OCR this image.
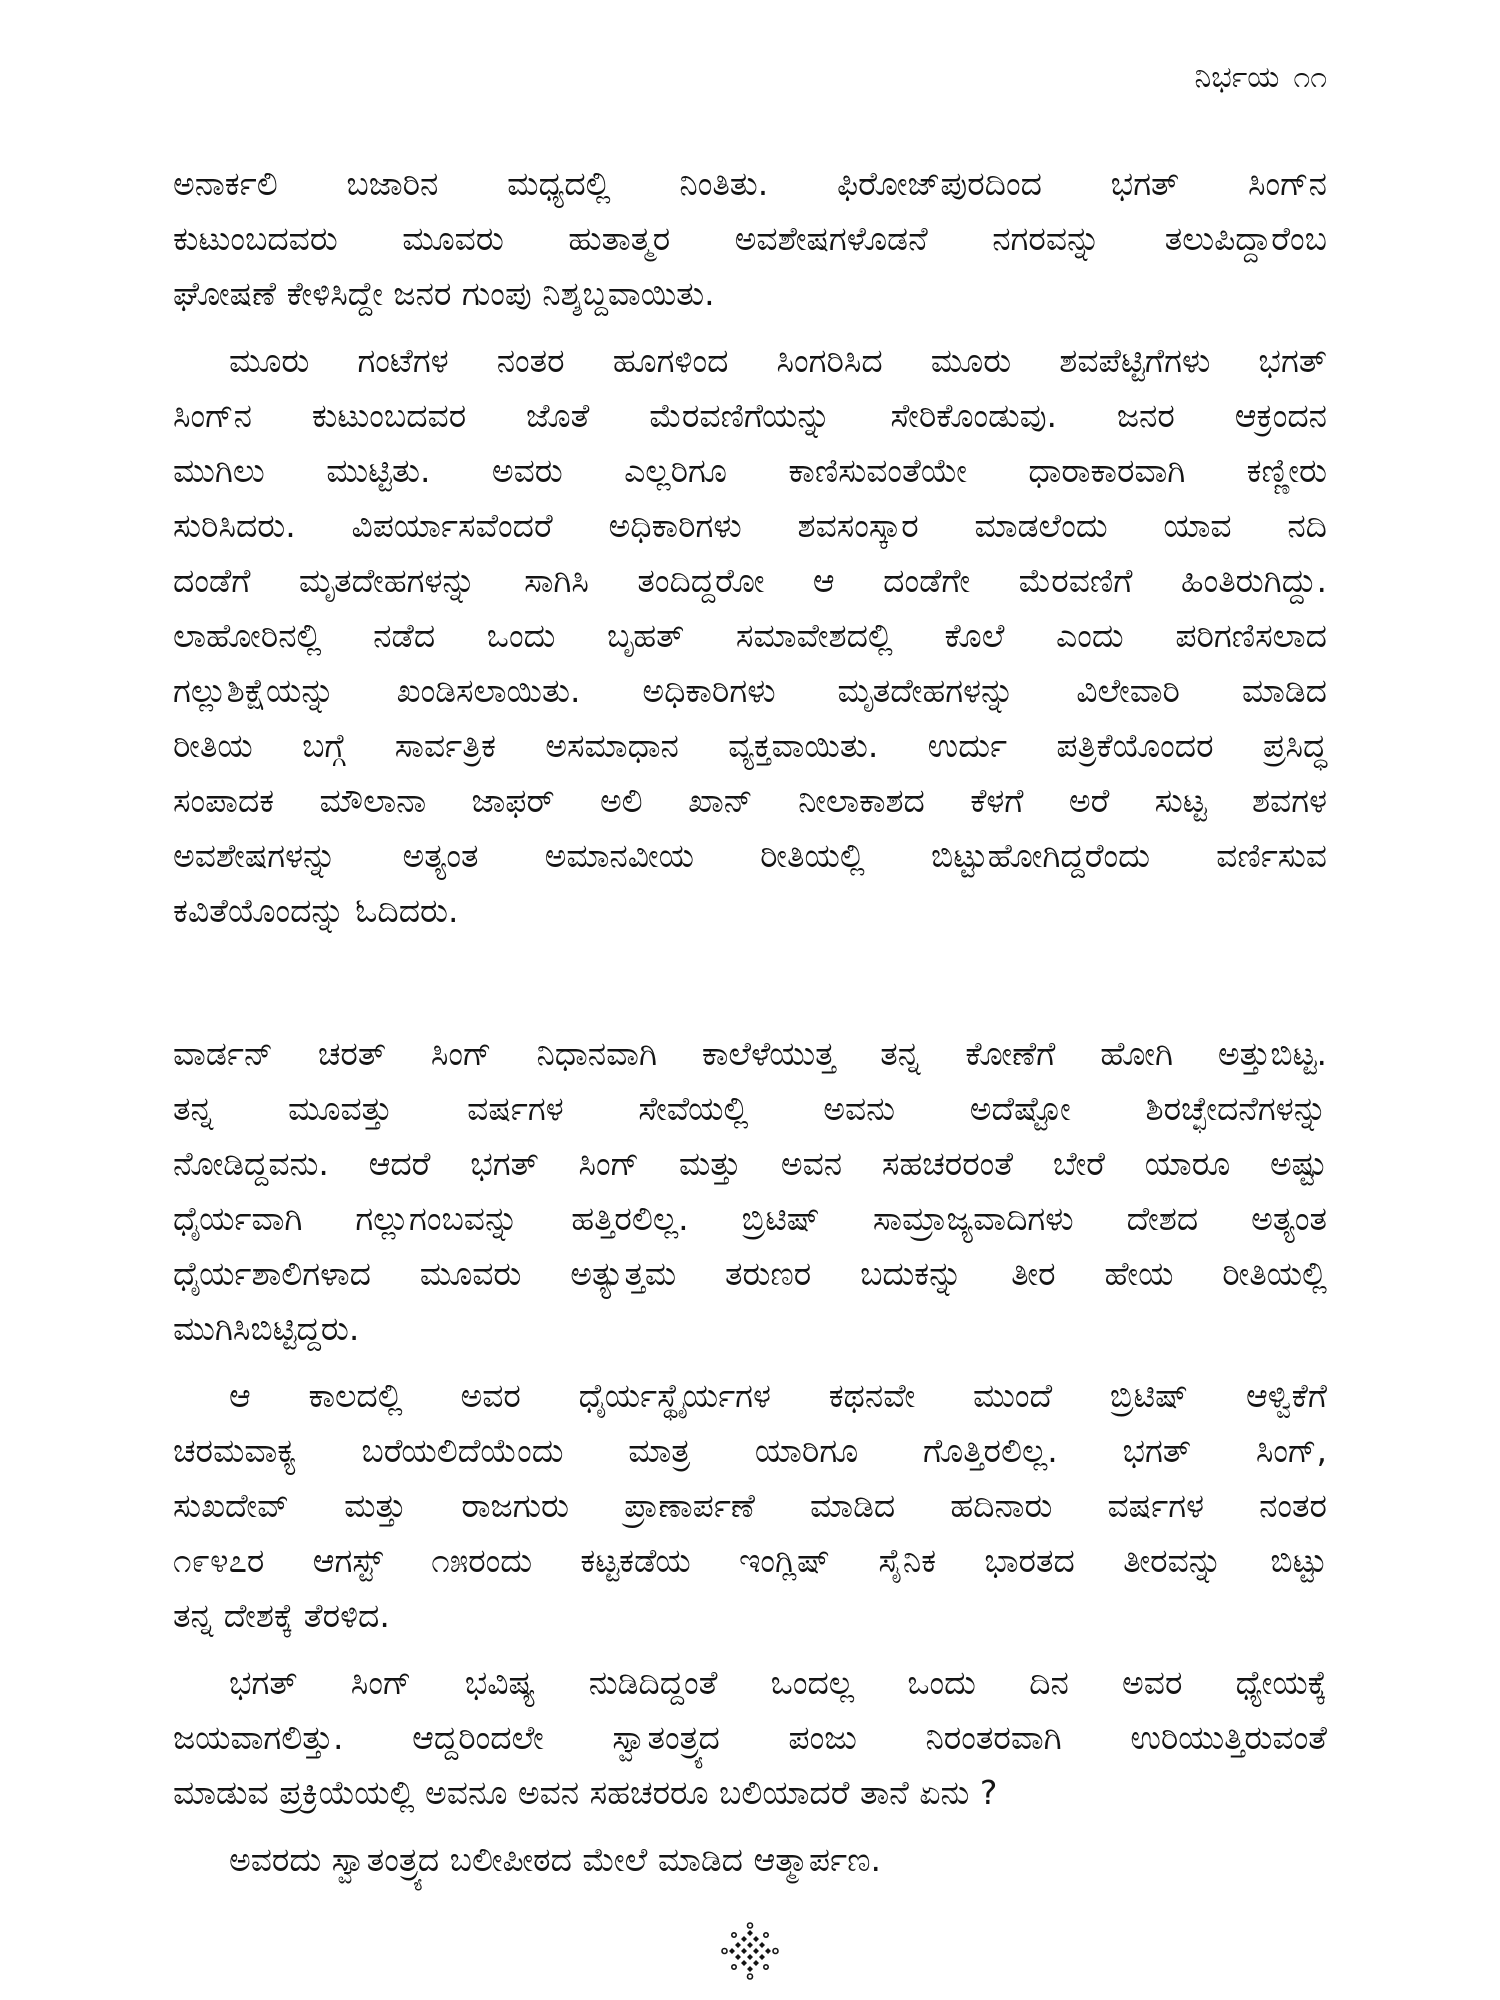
ನಿರ್ಭಯ ೧೧
ಅನಾರ್ಕಲಿ ಬಜಾರಿನ ಮಧ್ಯದಲ್ಲಿ ನಿಂತಿತು. ಫಿರೋಜ್‌ಪುರದಿಂದ ಭಗತ್ ಸಿಂಗ್‌ನ
ಕುಟುಂಬದವರು ಮೂವರು ಹುತಾತ್ಮರ ಅವಶೇಷಗಳೊಡನೆ ನಗರವನ್ನು ತಲುಪಿದ್ದಾರೆಂಬ
ಘೋಷಣೆ ಕೇಳಿಸಿದ್ದೇ ಜನರ ಗುಂಪು ನಿಶ್ಶಬ್ದವಾಯಿತು.
ಮೂರು ಗಂಟೆಗಳ ನಂತರ ಹೂಗಳಿಂದ ಸಿಂಗರಿಸಿದ ಮೂರು ಶವಪೆಟ್ಟಿಗೆಗಳು ಭಗತ್
ಸಿಂಗ್‌ನ ಕುಟುಂಬದವರ ಜೊತೆ ಮೆರವಣಿಗೆಯನ್ನು ಸೇರಿಕೊಂಡುವು. ಜನರ ಆಕ್ರಂದನ
ಮುಗಿಲು ಮುಟ್ಟಿತು. ಅವರು ಎಲ್ಲರಿಗೂ ಕಾಣಿಸುವಂತೆಯೇ ಧಾರಾಕಾರವಾಗಿ ಕಣ್ಣೀರು
ಸುರಿಸಿದರು. ವಿಪರ್ಯಾಸವೆಂದರೆ ಅಧಿಕಾರಿಗಳು ಶವಸಂಸ್ಕಾರ ಮಾಡಲೆಂದು ಯಾವ ನದಿ
ದಂಡೆಗೆ ಮೃತದೇಹಗಳನ್ನು ಸಾಗಿಸಿ ತಂದಿದ್ದರೋ ಆ ದಂಡೆಗೇ ಮೆರವಣಿಗೆ ಹಿಂತಿರುಗಿದ್ದು.
ಲಾಹೋರಿನಲ್ಲಿ ನಡೆದ ಒಂದು ಬೃಹತ್ ಸಮಾವೇಶದಲ್ಲಿ ಕೊಲೆ ಎಂದು ಪರಿಗಣಿಸಲಾದ
ಗಲ್ಲುಶಿಕ್ಷೆಯನ್ನು ಖಂಡಿಸಲಾಯಿತು. ಅಧಿಕಾರಿಗಳು ಮೃತದೇಹಗಳನ್ನು ವಿಲೇವಾರಿ ಮಾಡಿದ
ರೀತಿಯ ಬಗ್ಗೆ ಸಾರ್ವತ್ರಿಕ ಅಸಮಾಧಾನ ವ್ಯಕ್ತವಾಯಿತು. ಉರ್ದು ಪತ್ರಿಕೆಯೊಂದರ ಪ್ರಸಿದ್ಧ
ಸಂಪಾದಕ ಮೌಲಾನಾ ಜಾಫರ್ ಅಲಿ ಖಾನ್ ನೀಲಾಕಾಶದ ಕೆಳಗೆ ಅರೆ ಸುಟ್ಟ ಶವಗಳ
ಅವಶೇಷಗಳನ್ನು ಅತ್ಯಂತ ಅಮಾನವೀಯ ರೀತಿಯಲ್ಲಿ ಬಿಟ್ಟುಹೋಗಿದ್ದರೆಂದು ವರ್ಣಿಸುವ
ಕವಿತೆಯೊಂದನ್ನು ಓದಿದರು.
ವಾರ್ಡನ್ ಚರತ್ ಸಿಂಗ್ ನಿಧಾನವಾಗಿ ಕಾಲೆಳೆಯುತ್ತ ತನ್ನ ಕೋಣೆಗೆ ಹೋಗಿ ಅತ್ತುಬಿಟ್ಟ.
ತನ್ನ ಮೂವತ್ತು ವರ್ಷಗಳ ಸೇವೆಯಲ್ಲಿ ಅವನು ಅದೆಷ್ಟೋ ಶಿರಚ್ಛೇದನೆಗಳನ್ನು
ನೋಡಿದ್ದವನು. ಆದರೆ ಭಗತ್ ಸಿಂಗ್ ಮತ್ತು ಅವನ ಸಹಚರರಂತೆ ಬೇರೆ ಯಾರೂ ಅಷ್ಟು
ಧೈರ್ಯವಾಗಿ ಗಲ್ಲುಗಂಬವನ್ನು ಹತ್ತಿರಲಿಲ್ಲ. ಬ್ರಿಟಿಷ್ ಸಾಮ್ರಾಜ್ಯವಾದಿಗಳು ದೇಶದ ಅತ್ಯಂತ
ಧೈರ್ಯಶಾಲಿಗಳಾದ ಮೂವರು ಅತ್ಯುತ್ತಮ ತರುಣರ ಬದುಕನ್ನು ತೀರ ಹೇಯ ರೀತಿಯಲ್ಲಿ
ಮುಗಿಸಿಬಿಟ್ಟಿದ್ದರು.
ಆ ಕಾಲದಲ್ಲಿ ಅವರ ಧೈರ್ಯಸ್ಥೈರ್ಯಗಳ ಕಥನವೇ ಮುಂದೆ ಬ್ರಿಟಿಷ್ ಆಳ್ವಿಕೆಗೆ
ಚರಮವಾಕ್ಯ ಬರೆಯಲಿದೆಯೆಂದು ಮಾತ್ರ ಯಾರಿಗೂ ಗೊತ್ತಿರಲಿಲ್ಲ. ಭಗತ್ ಸಿಂಗ್,
ಸುಖದೇವ್ ಮತ್ತು ರಾಜಗುರು ಪ್ರಾಣಾರ್ಪಣೆ ಮಾಡಿದ ಹದಿನಾರು ವರ್ಷಗಳ ನಂತರ
೧೯೪೭ರ ಆಗಸ್ಟ್ ೧೫ರಂದು ಕಟ್ಟಕಡೆಯ ಇಂಗ್ಲಿಷ್ ಸೈನಿಕ ಭಾರತದ ತೀರವನ್ನು ಬಿಟ್ಟು
ತನ್ನ ದೇಶಕ್ಕೆ ತೆರಳಿದ.
ಭಗತ್ ಸಿಂಗ್ ಭವಿಷ್ಯ ನುಡಿದಿದ್ದಂತೆ ಒಂದಲ್ಲ ಒಂದು ದಿನ ಅವರ ಧ್ಯೇಯಕ್ಕೆ
ಜಯವಾಗಲಿತ್ತು. ಆದ್ದರಿಂದಲೇ ಸ್ವಾತಂತ್ರ್ಯದ ಪಂಜು ನಿರಂತರವಾಗಿ ಉರಿಯುತ್ತಿರುವಂತೆ
ಮಾಡುವ ಪ್ರಕ್ರಿಯೆಯಲ್ಲಿ ಅವನೂ ಅವನ ಸಹಚರರೂ ಬಲಿಯಾದರೆ ತಾನೆ ಏನು ?
ಅವರದು ಸ್ವಾತಂತ್ರ್ಯದ ಬಲೀಪೀಠದ ಮೇಲೆ ಮಾಡಿದ ಆತ್ಮಾರ್ಪಣ.
